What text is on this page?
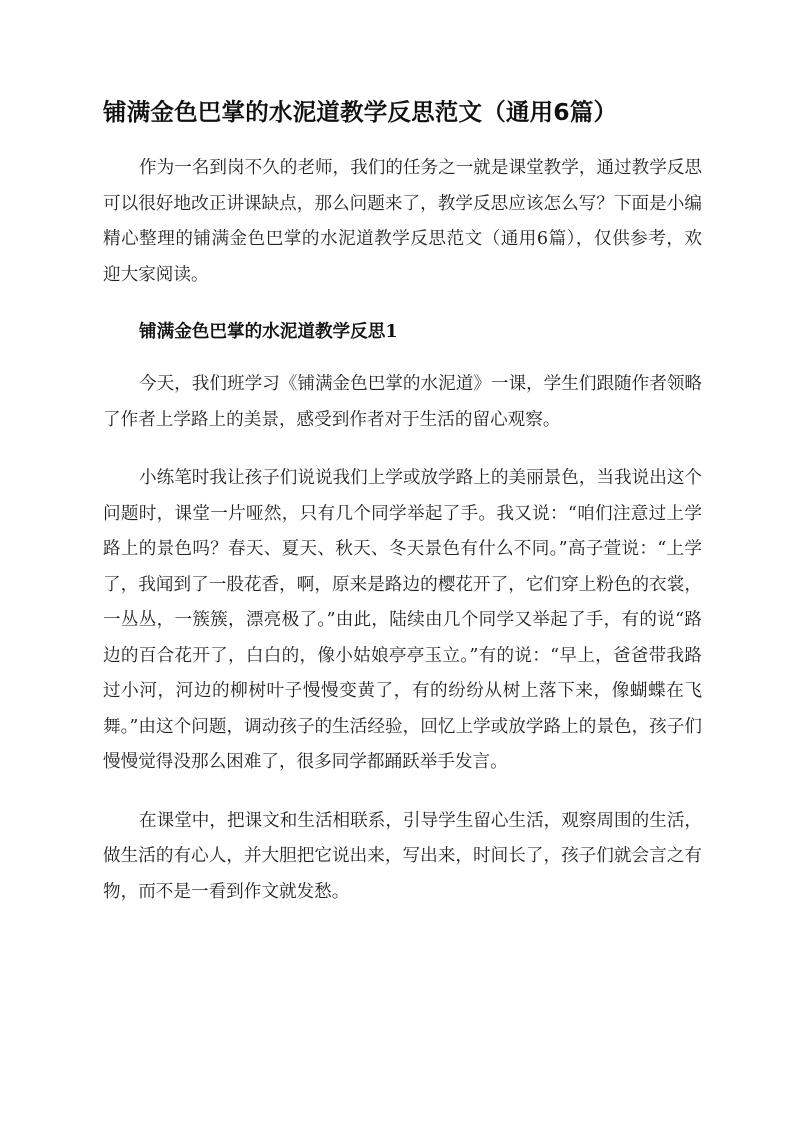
铺满金色巴掌的水泥道教学反思范文（通用6篇）

作为一名到岗不久的老师，我们的任务之一就是课堂教学，通过教学反思可以很好地改正讲课缺点，那么问题来了，教学反思应该怎么写？下面是小编精心整理的铺满金色巴掌的水泥道教学反思范文（通用6篇），仅供参考，欢迎大家阅读。

铺满金色巴掌的水泥道教学反思1

今天，我们班学习《铺满金色巴掌的水泥道》一课，学生们跟随作者领略了作者上学路上的美景，感受到作者对于生活的留心观察。

小练笔时我让孩子们说说我们上学或放学路上的美丽景色，当我说出这个问题时，课堂一片哑然，只有几个同学举起了手。我又说：“咱们注意过上学路上的景色吗？春天、夏天、秋天、冬天景色有什么不同。”高子萱说：“上学了，我闻到了一股花香，啊，原来是路边的樱花开了，它们穿上粉色的衣裳，一丛丛，一簇簇，漂亮极了。”由此，陆续由几个同学又举起了手，有的说“路边的百合花开了，白白的，像小姑娘亭亭玉立。”有的说：“早上，爸爸带我路过小河，河边的柳树叶子慢慢变黄了，有的纷纷从树上落下来，像蝴蝶在飞舞。”由这个问题，调动孩子的生活经验，回忆上学或放学路上的景色，孩子们慢慢觉得没那么困难了，很多同学都踊跃举手发言。

在课堂中，把课文和生活相联系，引导学生留心生活，观察周围的生活，做生活的有心人，并大胆把它说出来，写出来，时间长了，孩子们就会言之有物，而不是一看到作文就发愁。
